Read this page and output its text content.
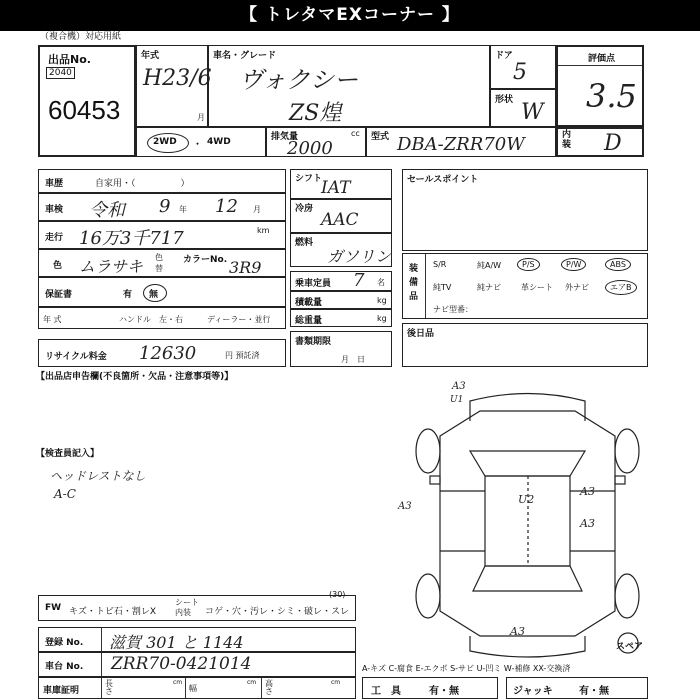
【 トレタマEXコーナー 】
（複合機）対応用紙
出品No.
2040
60453
年式
H23/6
月
車名・グレード
ヴォクシー
ZS煌
ドア
5
形状 W
評価点
3.5
2WD ・ 4WD	排気量	cc
2000
型式 DBA-ZRR70W	内装 D
車歴	自家用・（　　　　　）
車検 令和 9 年 12 月
走行 16万3千717	km
色 ムラサキ 色替
カラーNo. 3R9
保証書	有 無
年 式	ハンドル　左・右	ディーラー・並行
リサイクル料金 12630	円 預託済
【出品店申告欄(不良箇所・欠品・注意事項等)】
【検査員記入】
ヘッドレストなし
A-C
シフト
IAT
冷房
AAC
燃料
ガソリン
乗車定員 7 名
積載量	kg
総重量	kg
書類期限
月　日
セールスポイント
装備品
S/R	純A/W	P/S	P/W	ABS
純TV	純ナビ	革シート 外ナビ	エアB
ナビ型番：
後日品
A3
U1
A3
U2
A3
A3
A3
スペア
FW キズ・トビ石・割レX
シート内装	コゲ・穴・汚レ・シミ・破レ・スレ
(30)
登録 No. 滋賀 301 と 1144
車台 No. ZRR70-0421014	A-キズ C-腐食 E-エクボ S-サビ U-凹ミ W-補修 XX-交換済
車庫証明
長さ
cm
幅
cm 高さ
cm
工　具	有・無	ジャッキ	有・無
